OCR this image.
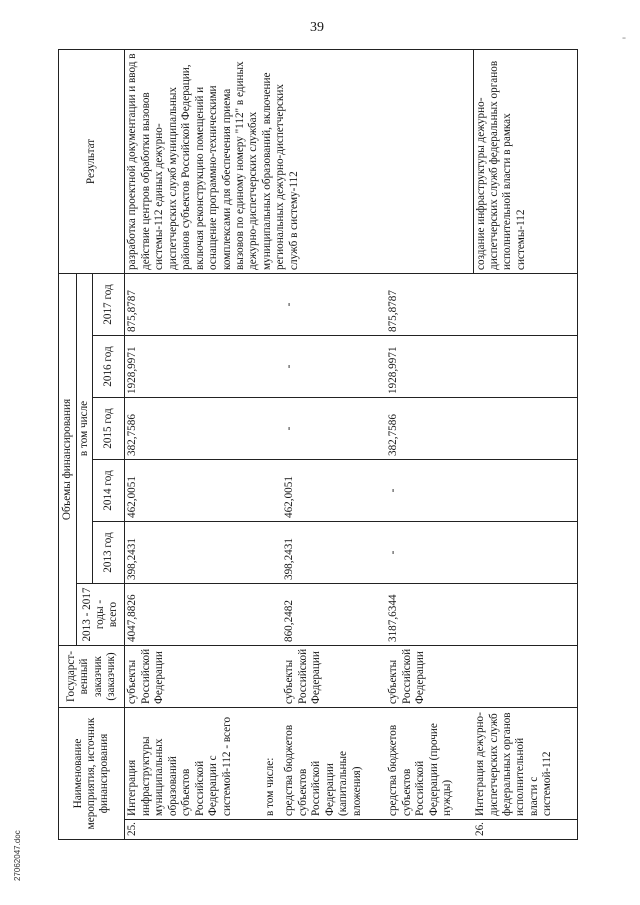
39
-
27062047.doc
Наименование мероприятия, источник финансирования		Государст-венный заказчик (заказчик)	Объемы финансирования						Результат
			2013 - 2017 годы - всего	в том числе					
				2013 год	2014 год	2015 год	2016 год	2017 год	
25.	Интеграция инфраструктуры муниципальных образований субъектов Российской Федерации с системой-112 - всего	субъекты Российской Федерации	4047,8826	398,2431	462,0051	382,7586	1928,9971	875,8787	разработка проектной документации и ввод в действие центров обработки вызовов системы-112 единых дежурно-диспетчерских служб муниципальных районов субъектов Российской Федерации, включая реконструкцию помещений и оснащение программно-техническими комплексами для обеспечения приема вызовов по единому номеру "112" в единых дежурно-диспетчерских службах муниципальных образований, включение региональных дежурно-диспетчерских служб в систему-112
	в том числе:								
	средства бюджетов субъектов Российской Федерации (капитальные вложения)	субъекты Российской Федерации	860,2482	398,2431	462,0051	-	-	-	
	средства бюджетов субъектов Российской Федерации (прочие нужды)	субъекты Российской Федерации	3187,6344	-	-	382,7586	1928,9971	875,8787	
26.	Интеграция дежурно-диспетчерских служб федеральных органов исполнительной власти с системой-112								создание инфраструктуры дежурно-диспетчерских служб федеральных органов исполнительной власти в рамках системы-112
